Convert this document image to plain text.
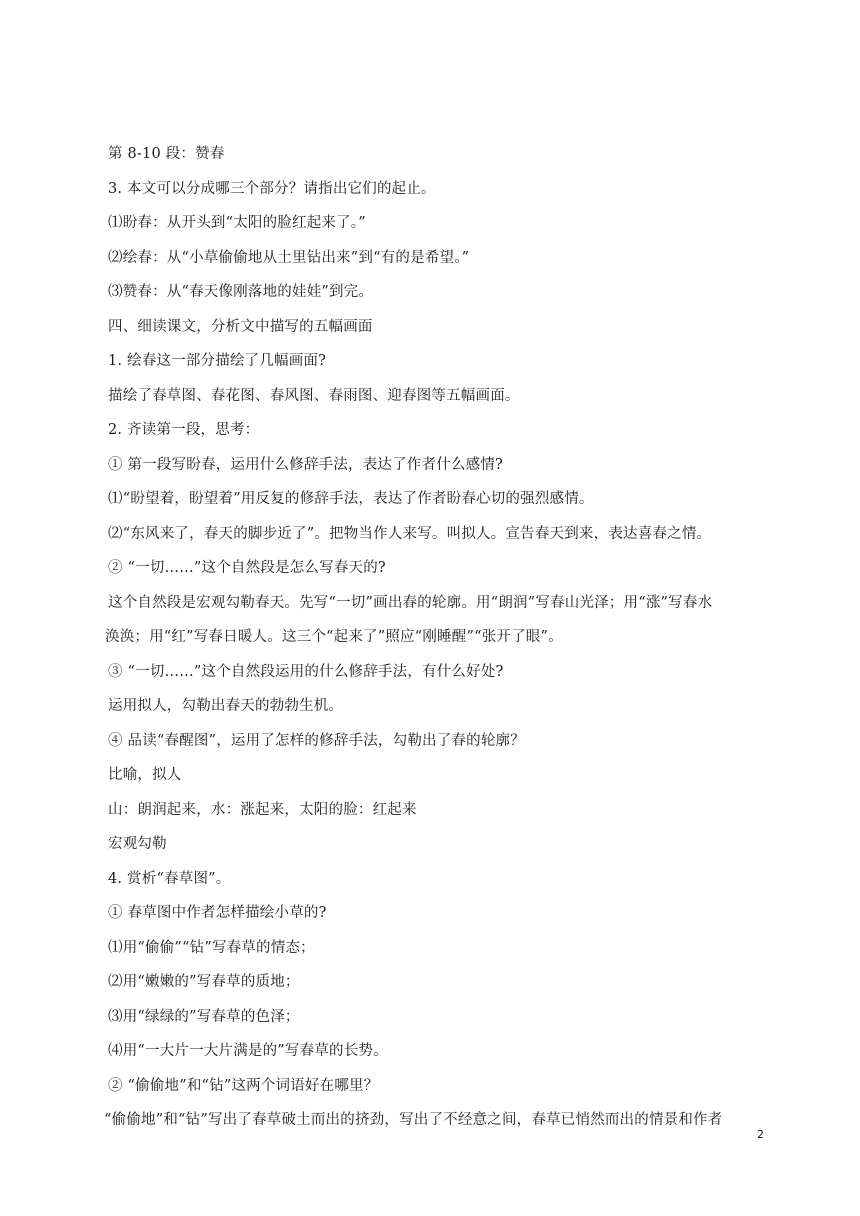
第 8-10 段：赞春
3. 本文可以分成哪三个部分？请指出它们的起止。
⑴盼春：从开头到“太阳的脸红起来了。”
⑵绘春：从“小草偷偷地从土里钻出来”到“有的是希望。”
⑶赞春：从“春天像刚落地的娃娃”到完。
四、细读课文，分析文中描写的五幅画面
1. 绘春这一部分描绘了几幅画面?
描绘了春草图、春花图、春风图、春雨图、迎春图等五幅画面。
2. 齐读第一段，思考：
① 第一段写盼春，运用什么修辞手法，表达了作者什么感情?
⑴“盼望着，盼望着”用反复的修辞手法，表达了作者盼春心切的强烈感情。
⑵“东风来了，春天的脚步近了”。把物当作人来写。叫拟人。宣告春天到来，表达喜春之情。
② “一切……”这个自然段是怎么写春天的?
这个自然段是宏观勾勒春天。先写“一切”画出春的轮廓。用“朗润”写春山光泽；用“涨”写春水
涣涣；用“红”写春日暖人。这三个“起来了”照应“刚睡醒”“张开了眼”。
③ “一切……”这个自然段运用的什么修辞手法，有什么好处?
运用拟人，勾勒出春天的勃勃生机。
④ 品读“春醒图”，运用了怎样的修辞手法，勾勒出了春的轮廓？
比喻，拟人
山：朗润起来，水：涨起来，太阳的脸：红起来
宏观勾勒
4. 赏析“春草图”。
① 春草图中作者怎样描绘小草的?
⑴用“偷偷”“钻”写春草的情态；
⑵用“嫩嫩的”写春草的质地；
⑶用“绿绿的”写春草的色泽；
⑷用“一大片一大片满是的”写春草的长势。
② “偷偷地”和“钻”这两个词语好在哪里？
“偷偷地”和“钻”写出了春草破土而出的挤劲，写出了不经意之间，春草已悄然而出的情景和作者
2
